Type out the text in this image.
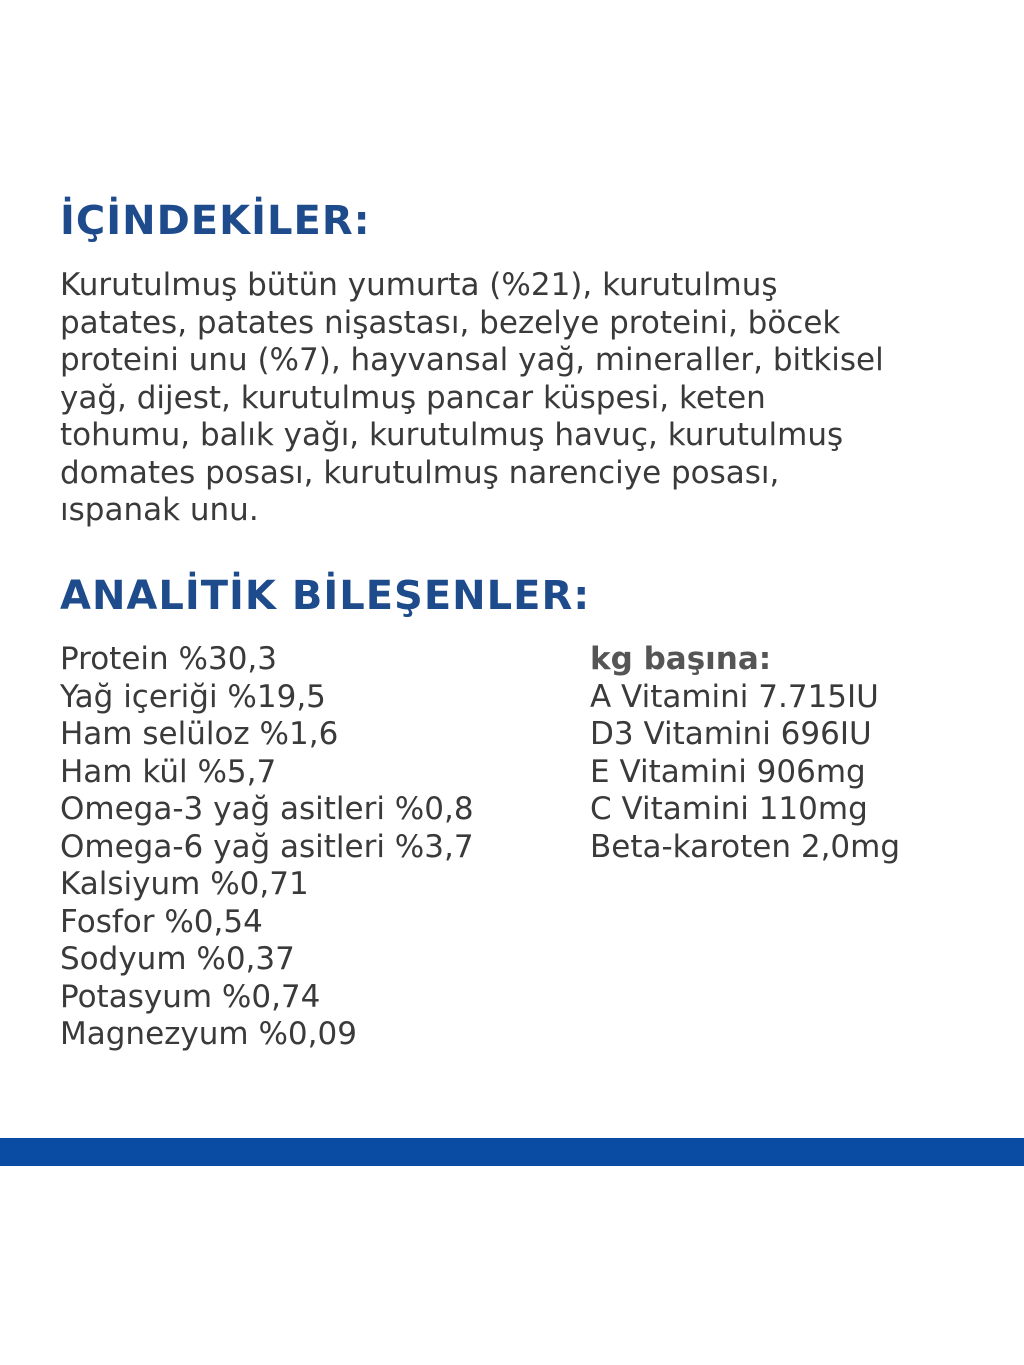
İÇİNDEKİLER:

Kurutulmuş bütün yumurta (%21), kurutulmuş
patates, patates nişastası, bezelye proteini, böcek
proteini unu (%7), hayvansal yağ, mineraller, bitkisel
yağ, dijest, kurutulmuş pancar küspesi, keten
tohumu, balık yağı, kurutulmuş havuç, kurutulmuş
domates posası, kurutulmuş narenciye posası,
ıspanak unu.

ANALİTİK BİLEŞENLER:
Protein %30,3
Yağ içeriği %19,5
Ham selüloz %1,6
Ham kül %5,7
Omega-3 yağ asitleri %0,8
Omega-6 yağ asitleri %3,7
Kalsiyum %0,71
Fosfor %0,54
Sodyum %0,37
Potasyum %0,74
Magnezyum %0,09
kg başına:
A Vitamini 7.715IU
D3 Vitamini 696IU
E Vitamini 906mg
C Vitamini 110mg
Beta-karoten 2,0mg
